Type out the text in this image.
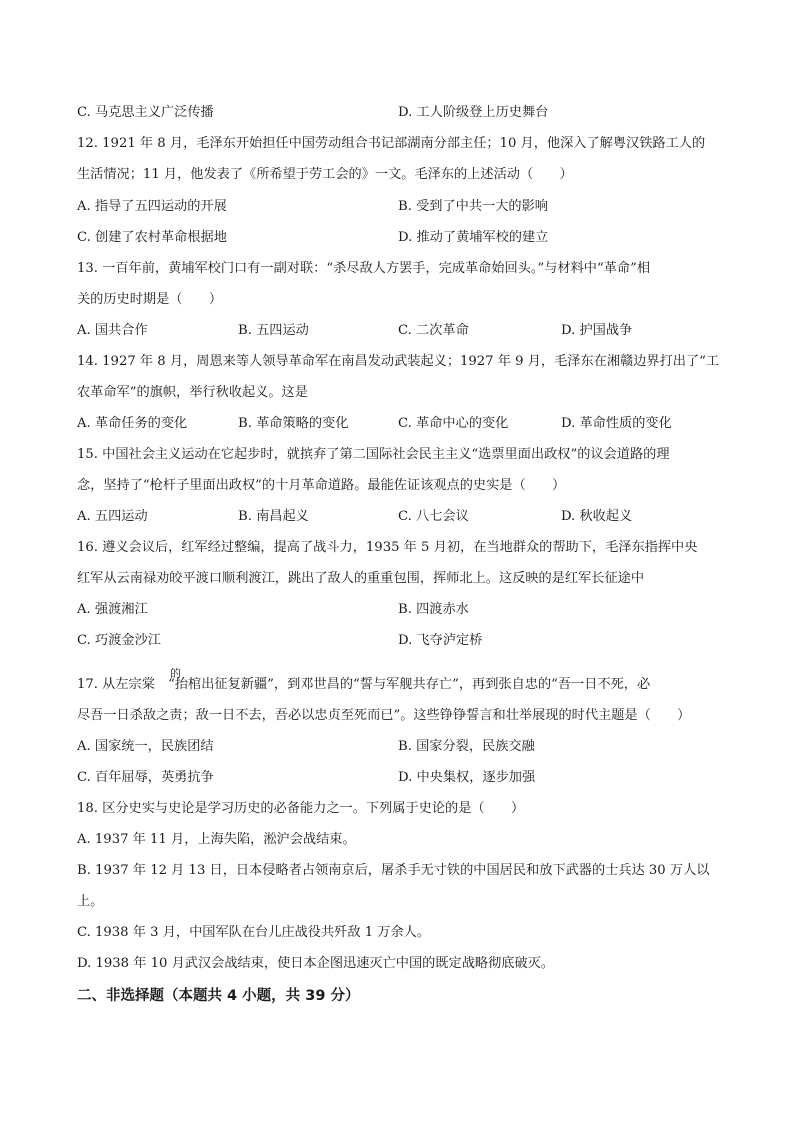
C. 马克思主义广泛传播	D. 工人阶级登上历史舞台
12. 1921 年 8 月，毛泽东开始担任中国劳动组合书记部湖南分部主任；10 月，他深入了解粤汉铁路工人的
生活情况；11 月，他发表了《所希望于劳工会的》一文。毛泽东的上述活动（　　）
A. 指导了五四运动的开展	B. 受到了中共一大的影响
C. 创建了农村革命根据地	D. 推动了黄埔军校的建立
13. 一百年前，黄埔军校门口有一副对联：“杀尽敌人方罢手，完成革命始回头。”与材料中“革命”相
关的历史时期是（　　）
A. 国共合作	B. 五四运动	C. 二次革命	D. 护国战争
14. 1927 年 8 月，周恩来等人领导革命军在南昌发动武装起义；1927 年 9 月，毛泽东在湘赣边界打出了“工
农革命军”的旗帜，举行秋收起义。这是
A. 革命任务的变化	B. 革命策略的变化	C. 革命中心的变化	D. 革命性质的变化
15. 中国社会主义运动在它起步时，就摈弃了第二国际社会民主主义“选票里面出政权”的议会道路的理
念，坚持了“枪杆子里面出政权”的十月革命道路。最能佐证该观点的史实是（　　）
A. 五四运动	B. 南昌起义	C. 八七会议	D. 秋收起义
16. 遵义会议后，红军经过整编，提高了战斗力，1935 年 5 月初，在当地群众的帮助下，毛泽东指挥中央
红军从云南禄劝皎平渡口顺利渡江，跳出了敌人的重重包围，挥师北上。这反映的是红军长征途中
A. 强渡湘江	B. 四渡赤水
C. 巧渡金沙江	D. 飞夺泸定桥
的
17. 从左宗棠　“抬棺出征复新疆”，到邓世昌的“誓与军舰共存亡”，再到张自忠的“吾一日不死，必
尽吾一日杀敌之责；敌一日不去，吾必以忠贞至死而已”。这些铮铮誓言和壮举展现的时代主题是（　　）
A. 国家统一，民族团结	B. 国家分裂，民族交融
C. 百年屈辱，英勇抗争	D. 中央集权，逐步加强
18. 区分史实与史论是学习历史的必备能力之一。下列属于史论的是（　　）
A. 1937 年 11 月，上海失陷，淞沪会战结束。
B. 1937 年 12 月 13 日，日本侵略者占领南京后，屠杀手无寸铁的中国居民和放下武器的士兵达 30 万人以
上。
C. 1938 年 3 月，中国军队在台儿庄战役共歼敌 1 万余人。
D. 1938 年 10 月武汉会战结束，使日本企图迅速灭亡中国的既定战略彻底破灭。
二、非选择题（本题共 4 小题，共 39 分）
